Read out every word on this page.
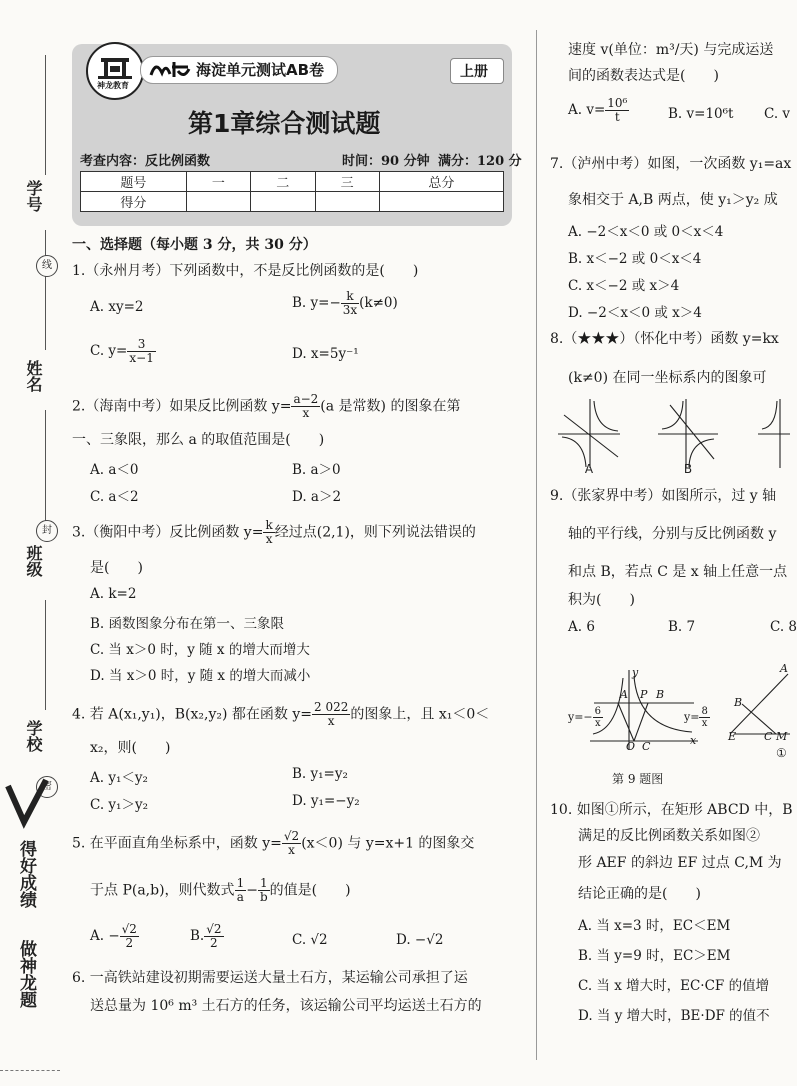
学号
姓名
班级
学校
线
封
密
得好成绩
做神龙题
神龙教育
海淀单元测试AB卷	上册
第1章综合测试题
考查内容：反比例函数	时间：90 分钟 满分：120 分
题号	一	二	三	总分
得分				
一、选择题（每小题 3 分，共 30 分）
1.（永州月考）下列函数中，不是反比例函数的是(　　)
A. xy=2	B. $y=- \frac{k}{3x} (k\ne 0)$
C. $y= \frac{3}{x-1}$	D. x=5y⁻¹
2.（海南中考）如果反比例函数 $y= \frac{a-2}{x} (a$ 是常数) 的图象在第
一、三象限，那么 a 的取值范围是(　　)
A. a＜0	B. a＞0
C. a＜2	D. a＞2
3.（衡阳中考）反比例函数 $y= \frac{k}{x}$ 经过点(2,1)，则下列说法错误的
是(　　)
A. k=2
B. 函数图象分布在第一、三象限
C. 当 x＞0 时，y 随 x 的增大而增大
D. 当 x＞0 时，y 随 x 的增大而减小
4. 若 A(x₁,y₁)，B(x₂,y₂) 都在函数 $y= \frac{2 022}{x}$ 的图象上，且 x₁＜0＜
x₂，则(　　)
A. y₁＜y₂	B. y₁=y₂
C. y₁＞y₂	D. y₁=−y₂
5. 在平面直角坐标系中，函数 $y= \frac{√2}{x} (x<0)$ 与 y=x+1 的图象交
于点 P(a,b)，则代数式 $\frac{1}{a} - \frac{1}{b}$ 的值是(　　)
A. − $\frac{√2}{2}$	B. $\frac{√2}{2}$	C. √2	D. −√2
6. 一高铁站建设初期需要运送大量土石方，某运输公司承担了运
送总量为 10⁶ m³ 土石方的任务，该运输公司平均运送土石方的
速度 v(单位：m³/天) 与完成运送
间的函数表达式是(　　)
A. $v= \frac{\text{10⁶}}{t}$	B. v=10⁶t C. v
7.（泸州中考）如图，一次函数 y₁=ax
象相交于 A,B 两点，使 y₁＞y₂ 成
A. −2＜x＜0 或 0＜x＜4
B. x＜−2 或 0＜x＜4
C. x＜−2 或 x＞4
D. −2＜x＜0 或 x＞4
8.（★★★）（怀化中考）函数 y=kx
(k≠0) 在同一坐标系内的图象可
A	B
9.（张家界中考）如图所示，过 y 轴
轴的平行线，分别与反比例函数 y
和点 B，若点 C 是 x 轴上任意一点
积为(　　)
A. 6	B. 7	C. 8
$y=- \frac{6}{x}$	$y= \frac{8}{x}$
A P B
O C	x
y
第 9 题图
A
B
E	C M
①
10. 如图①所示，在矩形 ABCD 中，B
满足的反比例函数关系如图②
形 AEF 的斜边 EF 过点 C,M 为
结论正确的是(　　)
A. 当 x=3 时，EC＜EM
B. 当 y=9 时，EC＞EM
C. 当 x 增大时，EC·CF 的值增
D. 当 y 增大时，BE·DF 的值不
